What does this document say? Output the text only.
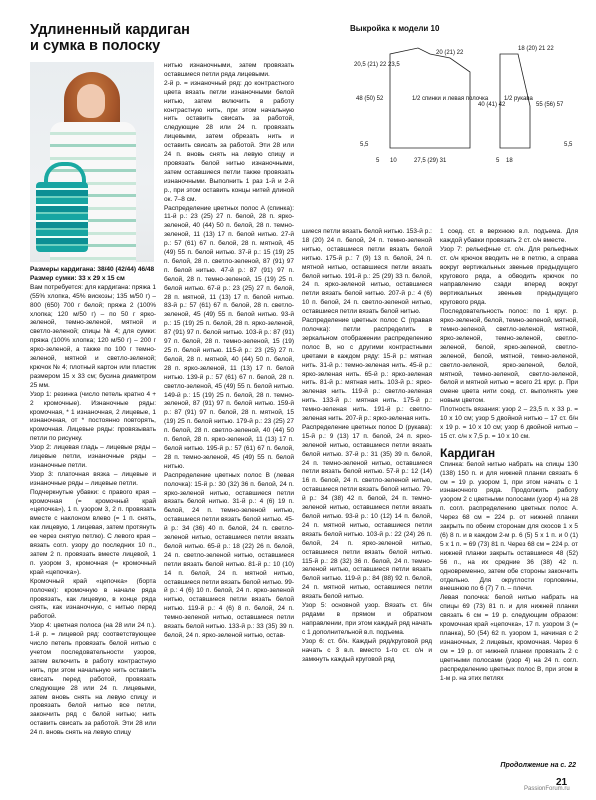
Удлиненный кардиган и сумка в полоску
Выкройка к модели 10
20,5 (21) 22 23,5
20 (21) 22
18 (20) 21 22
1/2 спинки и левая полочка	1/2 рукава
48 (50) 52
40 (41) 42	55 (56) 57
5,5
27,5 (29) 31
10
5	18
5
5,5

Размеры кардигана: 38/40 (42/44) 46/48

Размер сумки: 33 х 29 х 15 см

Вам потребуется: для кардигана: пряжа 1 (55% хлопка, 45% вискозы; 135 м/50 г) – 800 (650) 700 г белой; пряжа 2 (100% хлопка; 120 м/50 г) – по 50 г ярко-зеленой, темно-зеленой, мятной и светло-зеленой; спицы № 4; для сумки: пряжа (100% хлопка; 120 м/50 г) – 200 г ярко-зеленой, а также по 100 г темно-зеленой, мятной и светло-зеленой; крючок № 4; плотный картон или пластик размером 15 х 33 см; бусина диаметром 25 мм.

Узор 1: резинка (число петель кратно 4 + 2 кромочные). Изнаночные ряды: кромочная, * 1 изнаночная, 2 лицевые, 1 изнаночная, от * постоянно повторять, кромочная. Лицевые ряды: провязывать петли по рисунку.

Узор 2: лицевая гладь – лицевые ряды – лицевые петли, изнаночные ряды – изнаночные петли.

Узор 3: платочная вязка – лицевые и изнаночные ряды – лицевые петли.

Подчеркнутые убавки: с правого края – кромочная (= кромочный край «цепочка»), 1 п. узором 3, 2 п. провязать вместе с наклоном влево (= 1 п. снять, как лицевую, 1 лицевая, затем протянуть ее через снятую петлю). С левого края – вязать согл. узору до последних 10 п., затем 2 п. провязать вместе лицевой, 1 п. узором 3, кромочная (= кромочный край «цепочка»).

Кромочный край «цепочка» (борта полочек): кромочную в начале ряда провязать, как лицевую, в конце ряда снять, как изнаночную, с нитью перед работой.

Узор 4: цветная полоса (на 28 или 24 п.). 1-й р. = лицевой ряд: соответствующее число петель провязать белой нитью с учетом последовательности узоров, затем включить в работу контрастную нить, при этом начальную нить оставить свисать перед работой, провязать следующие 28 или 24 п. лицевыми, затем вновь снять на левую спицу и провязать белой нитью все петли, закончить ряд с белой нитью; нить оставить свисать за работой. Эти 28 или 24 п. вновь снять на левую спицу

нитью изнаночными, затем провязать оставшиеся петли ряда лицевыми.

2-й р. = изнаночный ряд: до контрастного цвета вязать петли изнаночными белой нитью, затем включить в работу контрастную нить, при этом начальную нить оставить свисать за работой, следующие 28 или 24 п. провязать лицевыми, затем обрезать нить и оставить свисать за работой. Эти 28 или 24 п. вновь снять на левую спицу и провязать белой нитью изнаночными, затем оставшиеся петли также провязать изнаночными. Выполнить 1 раз 1-й и 2-й р., при этом оставить концы нитей длиной ок. 7–8 см.

Распределение цветных полос А (спинка): 11-й р.: 23 (25) 27 п. белой, 28 п. ярко-зеленой, 40 (44) 50 п. белой, 28 п. темно-зеленой, 11 (13) 17 п. белой нитью. 27-й р.: 57 (61) 67 п. белой, 28 п. мятной, 45 (49) 55 п. белой нитью. 37-й р.: 15 (19) 25 п. белой, 28 п. светло-зеленой, 87 (91) 97 п. белой нитью. 47-й р.: 87 (91) 97 п. белой, 28 п. темно-зеленой, 15 (19) 25 п. белой нитью. 67-й р.: 23 (25) 27 п. белой, 28 п. мятной, 11 (13) 17 п. белой нитью. 83-й р.: 57 (61) 67 п. белой, 28 п. светло-зеленой, 45 (49) 55 п. белой нитью. 93-й р.: 15 (19) 25 п. белой, 28 п. ярко-зеленой, 87 (91) 97 п. белой нитью. 103-й р.: 87 (91) 97 п. белой, 28 п. темно-зеленой, 15 (19) 25 п. белой нитью. 115-й р.: 23 (25) 27 п. белой, 28 п. мятной, 40 (44) 50 п. белой, 28 п. ярко-зеленой, 11 (13) 17 п. белой нитью. 139-й р.: 57 (61) 67 п. белой, 28 п. светло-зеленой, 45 (49) 55 п. белой нитью. 149-й р.: 15 (19) 25 п. белой, 28 п. темно-зеленой, 87 (91) 97 п. белой нитью. 159-й р.: 87 (91) 97 п. белой, 28 п. мятной, 15 (19) 25 п. белой нитью. 179-й р.: 23 (25) 27 п. белой, 28 п. светло-зеленой, 40 (44) 50 п. белой, 28 п. ярко-зеленой, 11 (13) 17 п. белой нитью. 195-й р.: 57 (61) 67 п. белой, 28 п. темно-зеленой, 45 (49) 55 п. белой нитью.

Распределение цветных полос В (левая полочка): 15-й р.: 30 (32) 36 п. белой, 24 п. ярко-зеленой нитью, оставшиеся петли вязать белой нитью. 31-й р.: 4 (6) 19 п. белой, 24 п. темно-зеленой нитью, оставшиеся петли вязать белой нитью. 45-й р.: 34 (36) 40 п. белой, 24 п. светло-зеленой нитью, оставшиеся петли вязать белой нитью. 65-й р.: 18 (22) 26 п. белой, 24 п. светло-зеленой нитью, оставшиеся петли вязать белой нитью. 81-й р.: 10 (10) 14 п. белой, 24 п. мятной нитью, оставшиеся петли вязать белой нитью. 99-й р.: 4 (6) 10 п. белой, 24 п. ярко-зеленой нитью, оставшиеся петли вязать белой нитью. 119-й р.: 4 (6) 8 п. белой, 24 п. темно-зеленой нитью, оставшиеся петли вязать белой нитью. 133-й р.: 33 (35) 39 п. белой, 24 п. ярко-зеленой нитью, остав-

шиеся петли вязать белой нитью. 153-й р.: 18 (20) 24 п. белой, 24 п. темно-зеленой нитью, оставшиеся петли вязать белой нитью. 175-й р.: 7 (9) 13 п. белой, 24 п. мятной нитью, оставшиеся петли вязать белой нитью. 191-й р.: 25 (29) 33 п. белой, 24 п. ярко-зеленой нитью, оставшиеся петли вязать белой нитью. 207-й р.: 4 (6) 10 п. белой, 24 п. светло-зеленой нитью, оставшиеся петли вязать белой нитью.

Распределение цветных полос С (правая полочка): петли распределить в зеркальном отображении распределению полос В, но с другими контрастными цветами в каждом ряду: 15-й р.: мятная нить. 31-й р.: темно-зеленая нить. 45-й р.: ярко-зеленая нить. 65-й р.: ярко-зеленая нить. 81-й р.: мятная нить. 103-й р.: ярко-зеленая нить. 119-й р.: светло-зеленая нить. 133-й р.: мятная нить. 175-й р.: темно-зеленая нить. 191-й р.: светло-зеленая нить. 207-й р.: ярко-зеленая нить.

Распределение цветных полос D (рукава): 15-й р.: 9 (13) 17 п. белой, 24 п. ярко-зеленой нитью, оставшиеся петли вязать белой нитью. 37-й р.: 31 (35) 39 п. белой, 24 п. темно-зеленой нитью, оставшиеся петли вязать белой нитью. 57-й р.: 12 (14) 16 п. белой, 24 п. светло-зеленой нитью, оставшиеся петли вязать белой нитью. 79-й р.: 34 (38) 42 п. белой, 24 п. темно-зеленой нитью, оставшиеся петли вязать белой нитью. 93-й р.: 10 (12) 14 п. белой, 24 п. мятной нитью, оставшиеся петли вязать белой нитью. 103-й р.: 22 (24) 26 п. белой, 24 п. ярко-зеленой нитью, оставшиеся петли вязать белой нитью. 115-й р.: 28 (32) 36 п. белой, 24 п. темно-зеленой нитью, оставшиеся петли вязать белой нитью. 119-й р.: 84 (88) 92 п. белой, 24 п. мятной нитью, оставшиеся петли вязать белой нитью.

Узор 5: основной узор. Вязать ст. б/н рядами в прямом и обратном направлении, при этом каждый ряд начать с 1 дополнительной в.п. подъема.

Узор 6: ст. б/н. Каждый ряд/круговой ряд начать с 3 в.п. вместо 1-го ст. с/н и замкнуть каждый круговой ряд

1 соед. ст. в верхнюю в.п. подъема. Для каждой убавки провязать 2 ст. с/н вместе.

Узор 7: рельефные ст. с/н. Для рельефных ст. с/н крючок вводить не в петлю, а справа вокруг вертикальных звеньев предыдущего кругового ряда, а обводить крючок по направлению сзади вперед вокруг вертикальных звеньев предыдущего кругового ряда.

Последовательность полос: по 1 круг. р. ярко-зеленой, белой, темно-зеленой, мятной, темно-зеленой, светло-зеленой, мятной, ярко-зеленой, темно-зеленой, светло-зеленой, белой, ярко-зеленой, светло-зеленой, белой, мятной, темно-зеленой, светло-зеленой, ярко-зеленой, белой, мятной, темно-зеленой, светло-зеленой, белой и мятной нитью = всего 21 круг. р. При смене цвета нити соед. ст. выполнять уже новым цветом.

Плотность вязания: узор 2 – 23,5 п. х 33 р. = 10 х 10 см; узор 5 двойной нитью – 17 ст. б/н х 19 р. = 10 х 10 см; узор 6 двойной нитью – 15 ст. с/н х 7,5 р. = 10 х 10 см.

Кардиган

Спинка: белой нитью набрать на спицы 130 (138) 150 п. и для нижней планки связать 6 см = 19 р. узором 1, при этом начать с 1 изнаночного ряда. Продолжить работу узором 2 с цветными полосами (узор 4) на 28 п. согл. распределению цветных полос А. Через 68 см = 224 р. от нижней планки закрыть по обеим сторонам для скосов 1 х 5 (6) 8 п. и в каждом 2-м р. 6 (5) 5 х 1 п. и 0 (1) 5 х 1 п. = 69 (73) 81 п. Через 68 см = 224 р. от нижней планки закрыть оставшиеся 48 (52) 56 п., на их средние 36 (38) 42 п. одновременно, затем обе стороны закончить отдельно. Для округлости горловины, внешнюю по 6 (7) 7 п. – плечи.

Левая полочка: белой нитью набрать на спицы 69 (73) 81 п. и для нижней планки связать 6 см = 19 р. следующим образом: кромочная край «цепочка», 17 п. узором 3 (= планка), 50 (54) 62 п. узором 1, начиная с 2 изнаночных, 2 лицевых, кромочная. Через 6 см = 19 р. от нижней планки провязать 2 с цветными полосами (узор 4) на 24 п. согл. распределению цветных полос В, при этом в 1-м р. на этих петлях

Продолжение на с. 22
21
PassionForum.ru
